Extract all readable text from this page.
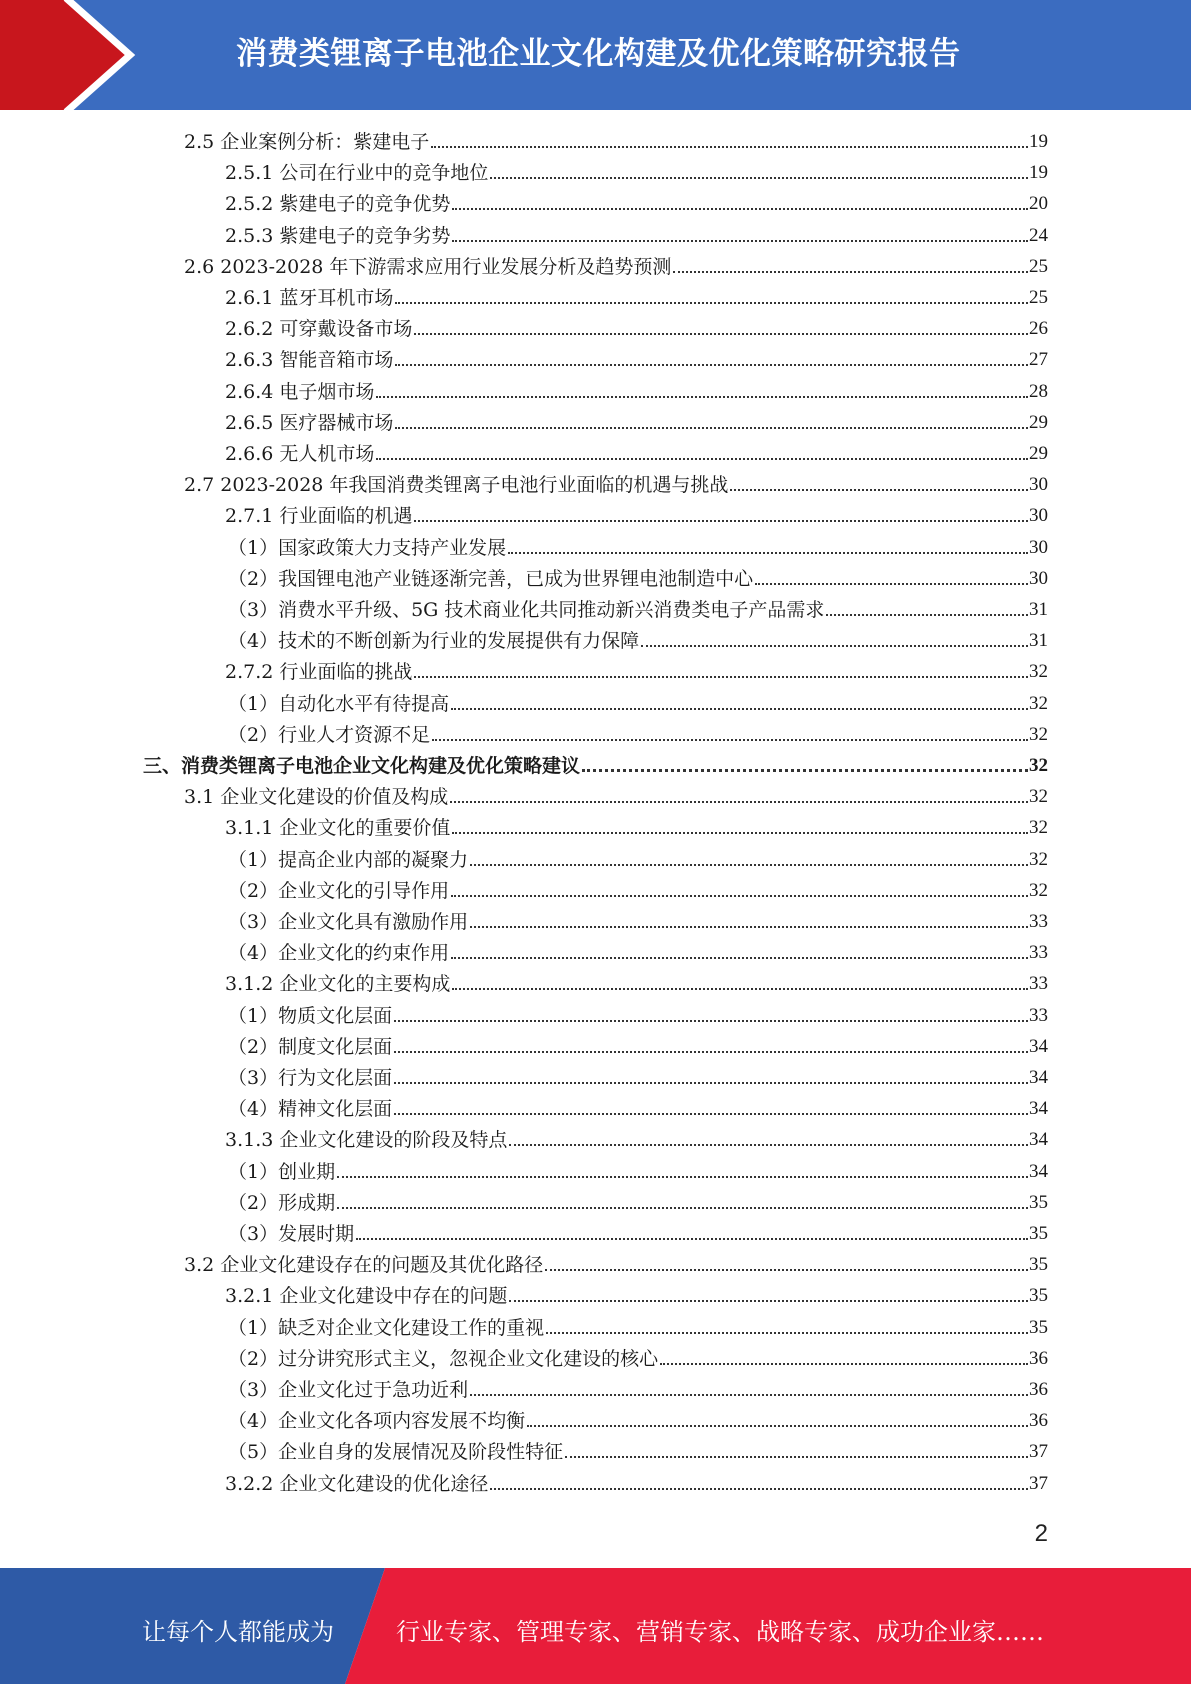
消费类锂离子电池企业文化构建及优化策略研究报告
2.5 企业案例分析：紫建电子	19
2.5.1 公司在行业中的竞争地位	19
2.5.2 紫建电子的竞争优势	20
2.5.3 紫建电子的竞争劣势	24
2.6 2023-2028 年下游需求应用行业发展分析及趋势预测	25
2.6.1 蓝牙耳机市场	25
2.6.2 可穿戴设备市场	26
2.6.3 智能音箱市场	27
2.6.4 电子烟市场	28
2.6.5 医疗器械市场	29
2.6.6 无人机市场	29
2.7 2023-2028 年我国消费类锂离子电池行业面临的机遇与挑战	30
2.7.1 行业面临的机遇	30
（1）国家政策大力支持产业发展	30
（2）我国锂电池产业链逐渐完善，已成为世界锂电池制造中心	30
（3）消费水平升级、5G 技术商业化共同推动新兴消费类电子产品需求	31
（4）技术的不断创新为行业的发展提供有力保障	31
2.7.2 行业面临的挑战	32
（1）自动化水平有待提高	32
（2）行业人才资源不足	32
三、消费类锂离子电池企业文化构建及优化策略建议	32
3.1 企业文化建设的价值及构成	32
3.1.1 企业文化的重要价值	32
（1）提高企业内部的凝聚力	32
（2）企业文化的引导作用	32
（3）企业文化具有激励作用	33
（4）企业文化的约束作用	33
3.1.2 企业文化的主要构成	33
（1）物质文化层面	33
（2）制度文化层面	34
（3）行为文化层面	34
（4）精神文化层面	34
3.1.3 企业文化建设的阶段及特点	34
（1）创业期	34
（2）形成期	35
（3）发展时期	35
3.2 企业文化建设存在的问题及其优化路径	35
3.2.1 企业文化建设中存在的问题	35
（1）缺乏对企业文化建设工作的重视	35
（2）过分讲究形式主义，忽视企业文化建设的核心	36
（3）企业文化过于急功近利	36
（4）企业文化各项内容发展不均衡	36
（5）企业自身的发展情况及阶段性特征	37
3.2.2 企业文化建设的优化途径	37
2
让每个人都能成为	行业专家、管理专家、营销专家、战略专家、成功企业家……
